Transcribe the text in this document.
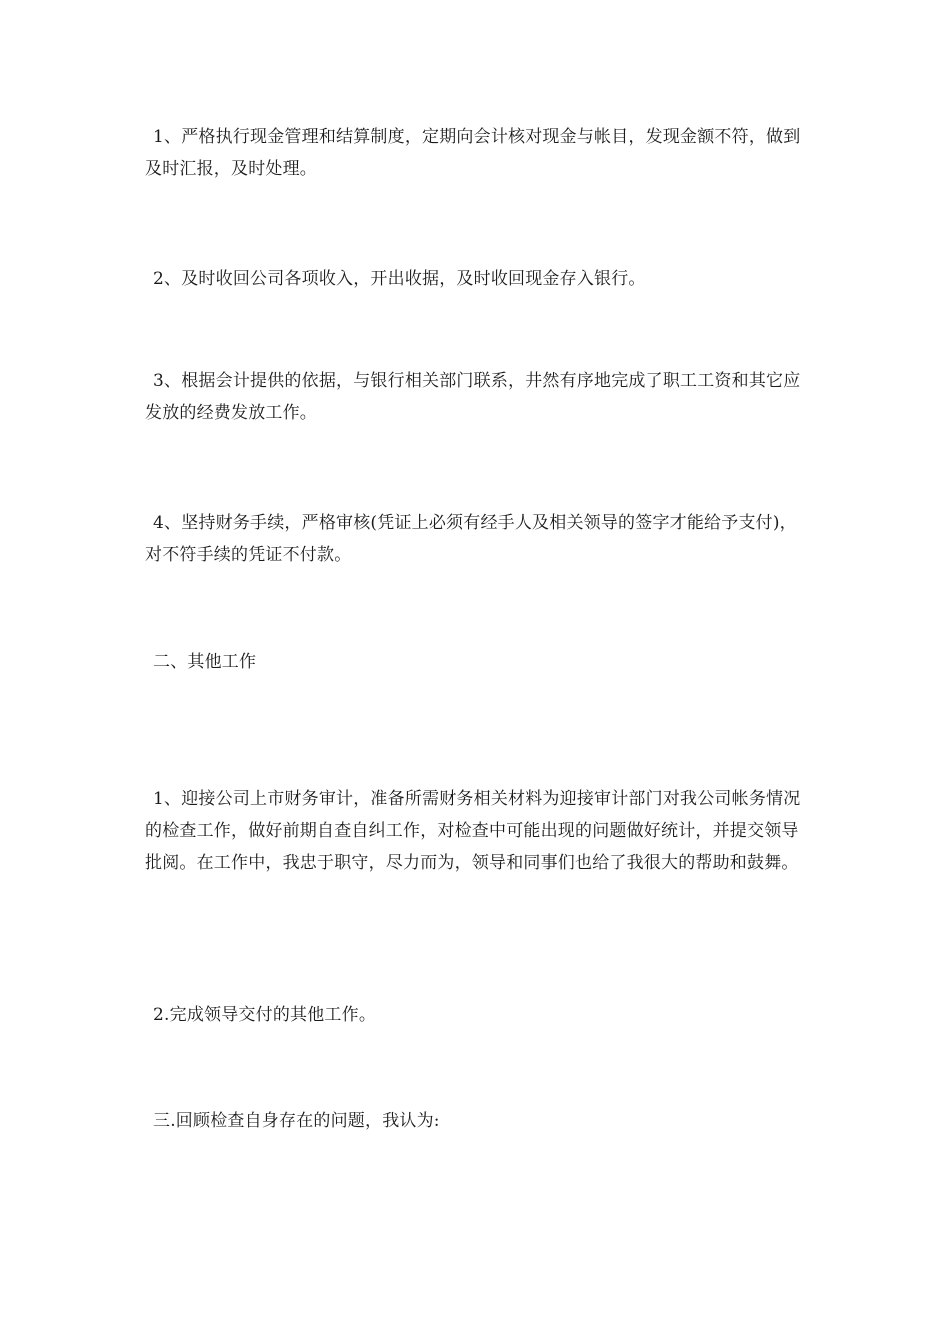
1、严格执行现金管理和结算制度，定期向会计核对现金与帐目，发现金额不符，做到及时汇报，及时处理。

2、及时收回公司各项收入，开出收据，及时收回现金存入银行。

3、根据会计提供的依据，与银行相关部门联系，井然有序地完成了职工工资和其它应发放的经费发放工作。

4、坚持财务手续，严格审核(凭证上必须有经手人及相关领导的签字才能给予支付)，对不符手续的凭证不付款。

二、其他工作

1、迎接公司上市财务审计，准备所需财务相关材料为迎接审计部门对我公司帐务情况的检查工作，做好前期自查自纠工作，对检查中可能出现的问题做好统计，并提交领导批阅。在工作中，我忠于职守，尽力而为，领导和同事们也给了我很大的帮助和鼓舞。

2.完成领导交付的其他工作。

三.回顾检查自身存在的问题，我认为:
